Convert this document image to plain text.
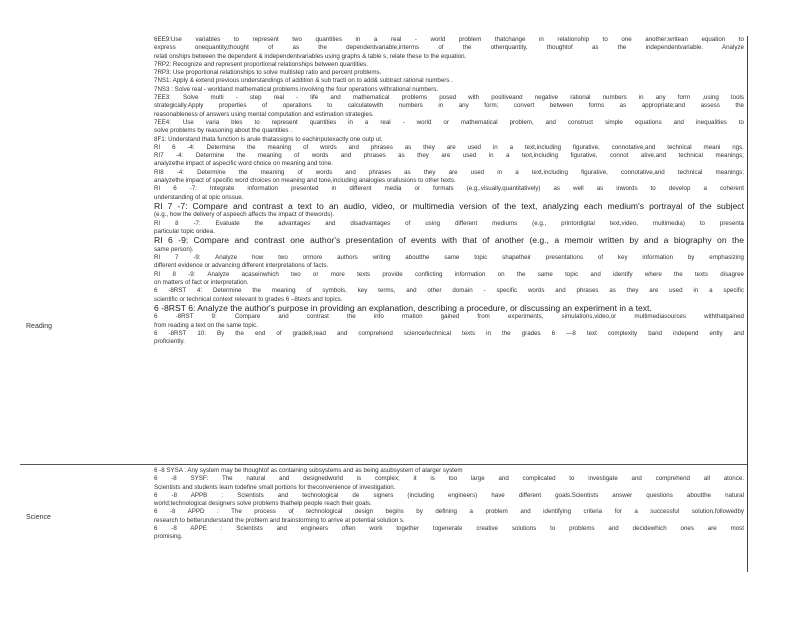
Reading

6EE9:Use variables to represent two quantities in a real - world problem thatchange in relationship to one another;writean equation to

express onequantity,thought of as the dependentvariable,interms of the otherquantity, thoughtof as the independentvariable. Analyze

relati onships between the dependent & independentvariables using graphs & table s, relate these to the equation.

7RP2: Recognize and represent proportional relationships between quantities.

7RP3: Use proportional relationships to solve multistep ratio and percent problems.

7NS1: Apply & extend previous understandings of addition & sub tracti on to add& subtract rational numbers .

7NS3 : Solve real - worldand mathematical problems involving the four operations withrational numbers.

7EE3: Solve multi - step real - life and mathematical problems posed with positiveand negative rational numbers in any form ,using tools

strategically.Apply properties of operations to calculatewith numbers in any form; convert between forms as appropriate;and assess the

reasonableness of answers using mental computation and estimation strategies.

7EE4: Use varia bles to represent quantities in a real - world or mathematical problem, and construct simple equations and inequalities to

solve problems by reasoning about the quantities .

8F1: Understand thata function is arule thatassigns to eachinputexactly one outp ut.

RI 6 -4: Determine the meaning of words and phrases as they are used in a text,including figurative, connotative,and technical meani ngs.

RI7 -4: Determine the meaning of words and phrases as they are used in a text,including figurative, connot ative,and technical meanings;

analyzethe impact of aspecific word choice on meaning and tone.

RI8 -4: Determine the meaning of words and phrases as they are used in a text,including figurative, connotative,and technical meanings;

analyzethe impact of specific word choices on meaning and tone,including analogies orallusions to other texts.

RI 6 -7: Integrate information presented in different media or formats (e.g.,visually,quantitatively) as well as inwords to develop a coherent

understanding of at opic orissue.

RI 7 -7: Compare and contrast a text to an audio, video, or multimedia version of the text, analyzing each medium's portrayal of the subject

(e.g., how the delivery of aspeech affects the impact of thewords).

RI 8 -7: Evaluate the advantages and disadvantages of using different mediums (e.g., printordigital text,video, multimedia) to presenta

particular topic oridea.

RI 6 -9: Compare and contrast one author's presentation of events with that of another (e.g., a memoir written by and a biography on the

same person).

RI 7 -9: Analyze how two ormore authors writing aboutthe same topic shapetheir presentations of key information by emphasizing

different evidence or advancing different interpretations of facts.

RI 8 -9: Analyze acaseinwhich two or more texts provide conflicting information on the same topic and identify where the texts disagree

on matters of fact or interpretation.

6 -8RST 4: Determine the meaning of symbols, key terms, and other domain - specific words and phrases as they are used in a specific

scientific or technical context relevant to grades 6 –8texts and topics.

6 -8RST 6: Analyze the author's purpose in providing an explanation, describing a procedure, or discussing an experiment in a text.

6 -8RST 9: Compare and contrast the info rmation gained from experiments, simulations,video,or multimediasources withthatgained

from reading a text on the same topic.

6 -8RST 10: By the end of grade8,read and comprehend science/technical texts in the grades 6 —8 text complexity band independ ently and

proficiently.

Science

6 -8 SYSA : Any system may be thoughtof as containing subsystems and as being asubsystem of alarger system

6 -8 SYSF: The natural and designedworld is complex; it is too large and complicated to investigate and comprehend all atonce.

Scientists and students learn todefine small portions for theconvenience of investigation.

6 -8 APPB : Scientists and technological de signers (including engineers) have different goals.Scientists answer questions aboutthe natural

world;technological designers solve problems thathelp people reach their goals.

6 -8 APPD : The process of technological design begins by defining a problem and identifying criteria for a successful solution,followedby

research to betterunderstand the problem and brainstorming to arrive at potential solution s.

6 -8 APPE : Scientists and engineers often work together togenerate creative solutions to problems and decidewhich ones are most

promising.
